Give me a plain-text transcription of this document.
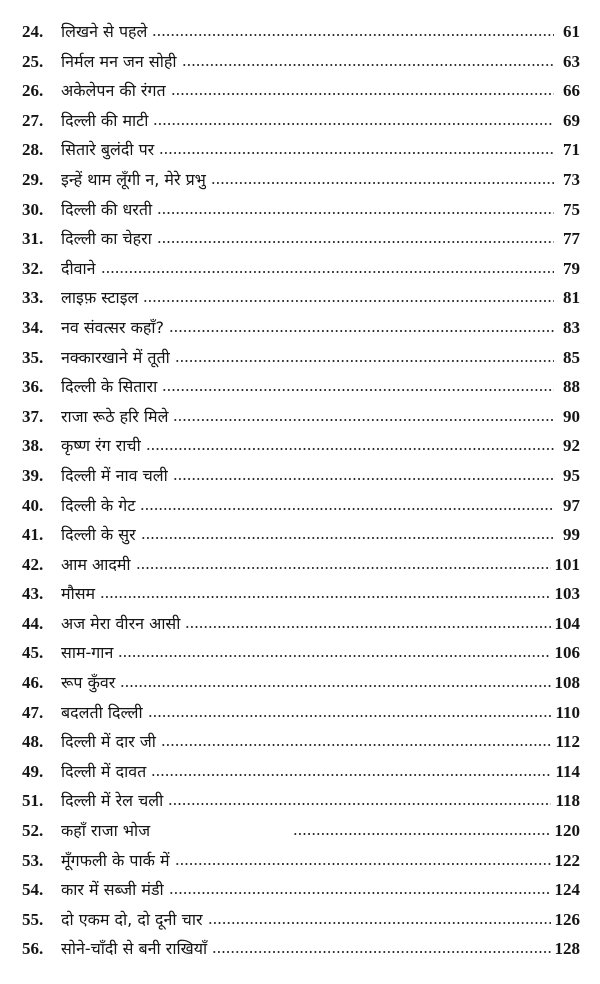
24.	लिखने से पहले	61
25.	निर्मल मन जन सोही	63
26.	अकेलेपन की रंगत	66
27.	दिल्ली की माटी	69
28.	सितारे बुलंदी पर	71
29.	इन्हें थाम लूँगी न, मेरे प्रभु	73
30.	दिल्ली की धरती	75
31.	दिल्ली का चेहरा	77
32.	दीवाने	79
33.	लाइफ़ स्टाइल	81
34.	नव संवत्सर कहाँ?	83
35.	नक्कारखाने में तूती	85
36.	दिल्ली के सितारा	88
37.	राजा रूठे हरि मिले	90
38.	कृष्ण रंग राची	92
39.	दिल्ली में नाव चली	95
40.	दिल्ली के गेट	97
41.	दिल्ली के सुर	99
42.	आम आदमी	101
43.	मौसम	103
44.	अज मेरा वीरन आसी	104
45.	साम-गान	106
46.	रूप कुँवर	108
47.	बदलती दिल्ली	110
48.	दिल्ली में दार जी	112
49.	दिल्ली में दावत	114
51.	दिल्ली में रेल चली	118
52.	कहाँ राजा भोज	120
53.	मूँगफली के पार्क में	122
54.	कार में सब्जी मंडी	124
55.	दो एकम दो, दो दूनी चार	126
56.	सोने-चाँदी से बनी राखियाँ	128
